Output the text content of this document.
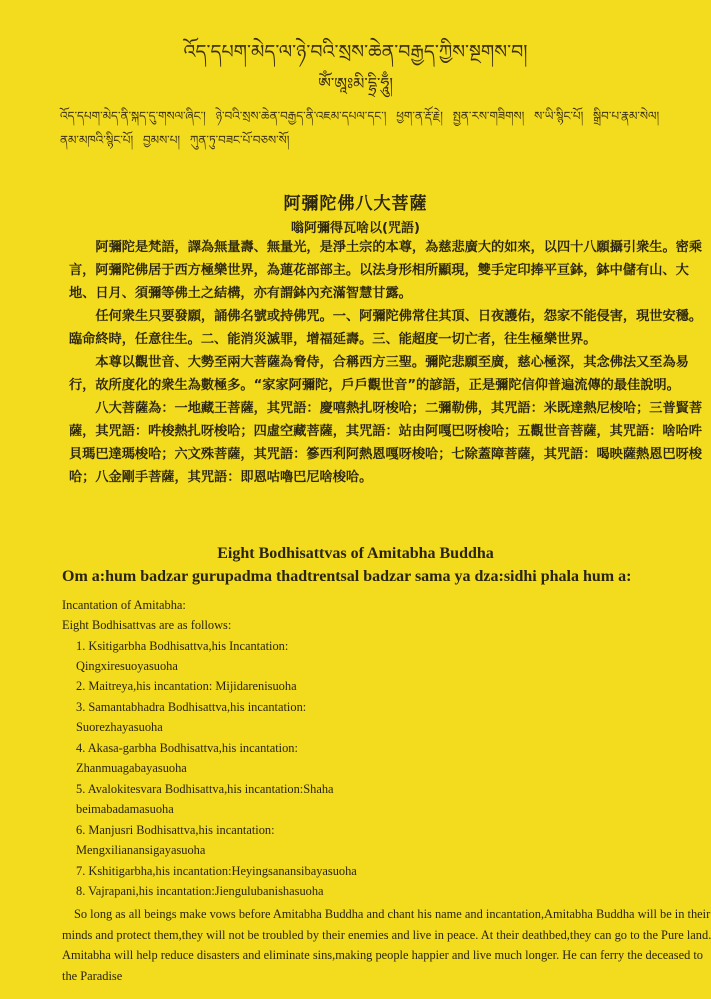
འོད་དཔག་མེད་ལ་ཉེ་བའི་སྲས་ཆེན་བརྒྱད་ཀྱིས་སྔགས་བ།
ཨོཾ་ཨཱཿམི་དྷྲི་ཧཱུྃ།
འོད་དཔག་མེད་ནི་སྐད་དུ་གསལ་ཞིང་། ཉེ་བའི་སྲས་ཆེན་བརྒྱད་ནི་འཇམ་དཔལ་དང་། ཕྱག་ན་རྡོ་རྗེ། སྤྱན་རས་གཟིགས། ས་ཡི་སྙིང་པོ། སྒྲིབ་པ་རྣམ་སེལ། ནམ་མཁའི་སྙིང་པོ། བྱམས་པ། ཀུན་ཏུ་བཟང་པོ་བཅས་སོ།
阿彌陀佛八大菩薩
嗡阿彌得瓦啥以(咒語)

阿彌陀是梵語，譯為無量壽、無量光，是淨土宗的本尊，為慈悲廣大的如來，以四十八願攝引衆生。密乘言，阿彌陀佛居于西方極樂世界，為蓮花部部主。以法身形相所顯現，雙手定印捧平亘鉢，鉢中儲有山、大地、日月、須彌等佛土之結構，亦有謂鉢內充滿智慧甘露。

任何衆生只要發願，誦佛名號或持佛咒。一、阿彌陀佛常住其頂、日夜護佑，怨家不能侵害，現世安穩。臨命終時，任意往生。二、能消災滅罪，增福延壽。三、能超度一切亡者，往生極樂世界。

本尊以觀世音、大勢至兩大菩薩為脅侍，合稱西方三聖。彌陀悲願至廣，慈心極深，其念佛法又至為易行，故所度化的衆生為數極多。“家家阿彌陀，戶戶觀世音”的諺語，正是彌陀信仰普遍流傳的最佳說明。

八大菩薩為：一地藏王菩薩，其咒語：慶嘻熱扎呀梭哈；二彌勒佛，其咒語：米既達熱尼梭哈；三普賢菩薩，其咒語：吽梭熱扎呀梭哈；四虛空藏菩薩，其咒語：站由阿嘎巴呀梭哈；五觀世音菩薩，其咒語：啥哈吽貝瑪巴達瑪梭哈；六文殊菩薩，其咒語：篸西利阿熱恩嘎呀梭哈；七除蓋障菩薩，其咒語：喝映薩熱恩巴呀梭哈；八金剛手菩薩，其咒語：即恩咕嚕巴尼啥梭哈。

Eight Bodhisattvas of Amitabha Buddha
Om a:hum badzar gurupadma thadtrentsal badzar sama ya dza:sidhi phala hum a:
Incantation of Amitabha:
Eight Bodhisattvas are as follows:
1. Ksitigarbha Bodhisattva,his Incantation:
Qingxiresuoyasuoha
2. Maitreya,his incantation: Mijidarenisuoha
3. Samantabhadra Bodhisattva,his incantation:
Suorezhayasuoha
4. Akasa-garbha Bodhisattva,his incantation:
Zhanmuagabayasuoha
5. Avalokitesvara Bodhisattva,his incantation:Shaha
beimabadamasuoha
6. Manjusri Bodhisattva,his incantation:
Mengxilianansigayasuoha
7. Kshitigarbha,his incantation:Heyingsanansibayasuoha
8. Vajrapani,his incantation:Jiengulubanishasuoha
So long as all beings make vows before Amitabha Buddha and chant his name and incantation,Amitabha Buddha will be in their minds and protect them,they will not be troubled by their enemies and live in peace. At their deathbed,they can go to the Pure land. Amitabha will help reduce disasters and eliminate sins,making people happier and live much longer. He can ferry the deceased to the Paradise
